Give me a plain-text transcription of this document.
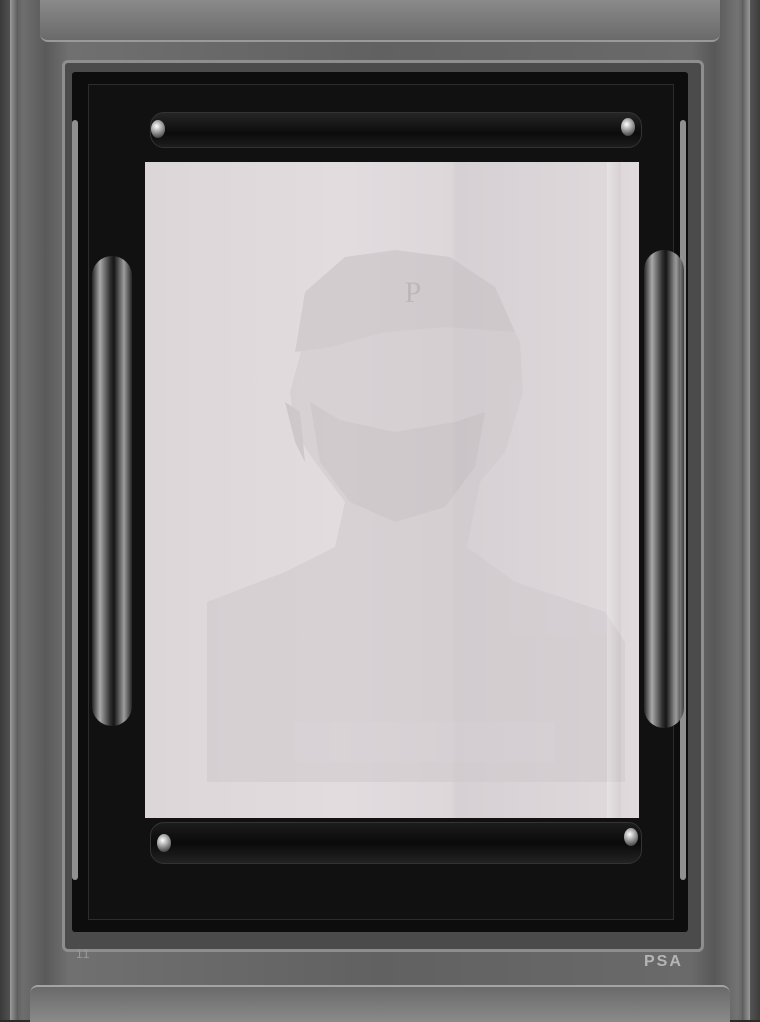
P
11	PSA
